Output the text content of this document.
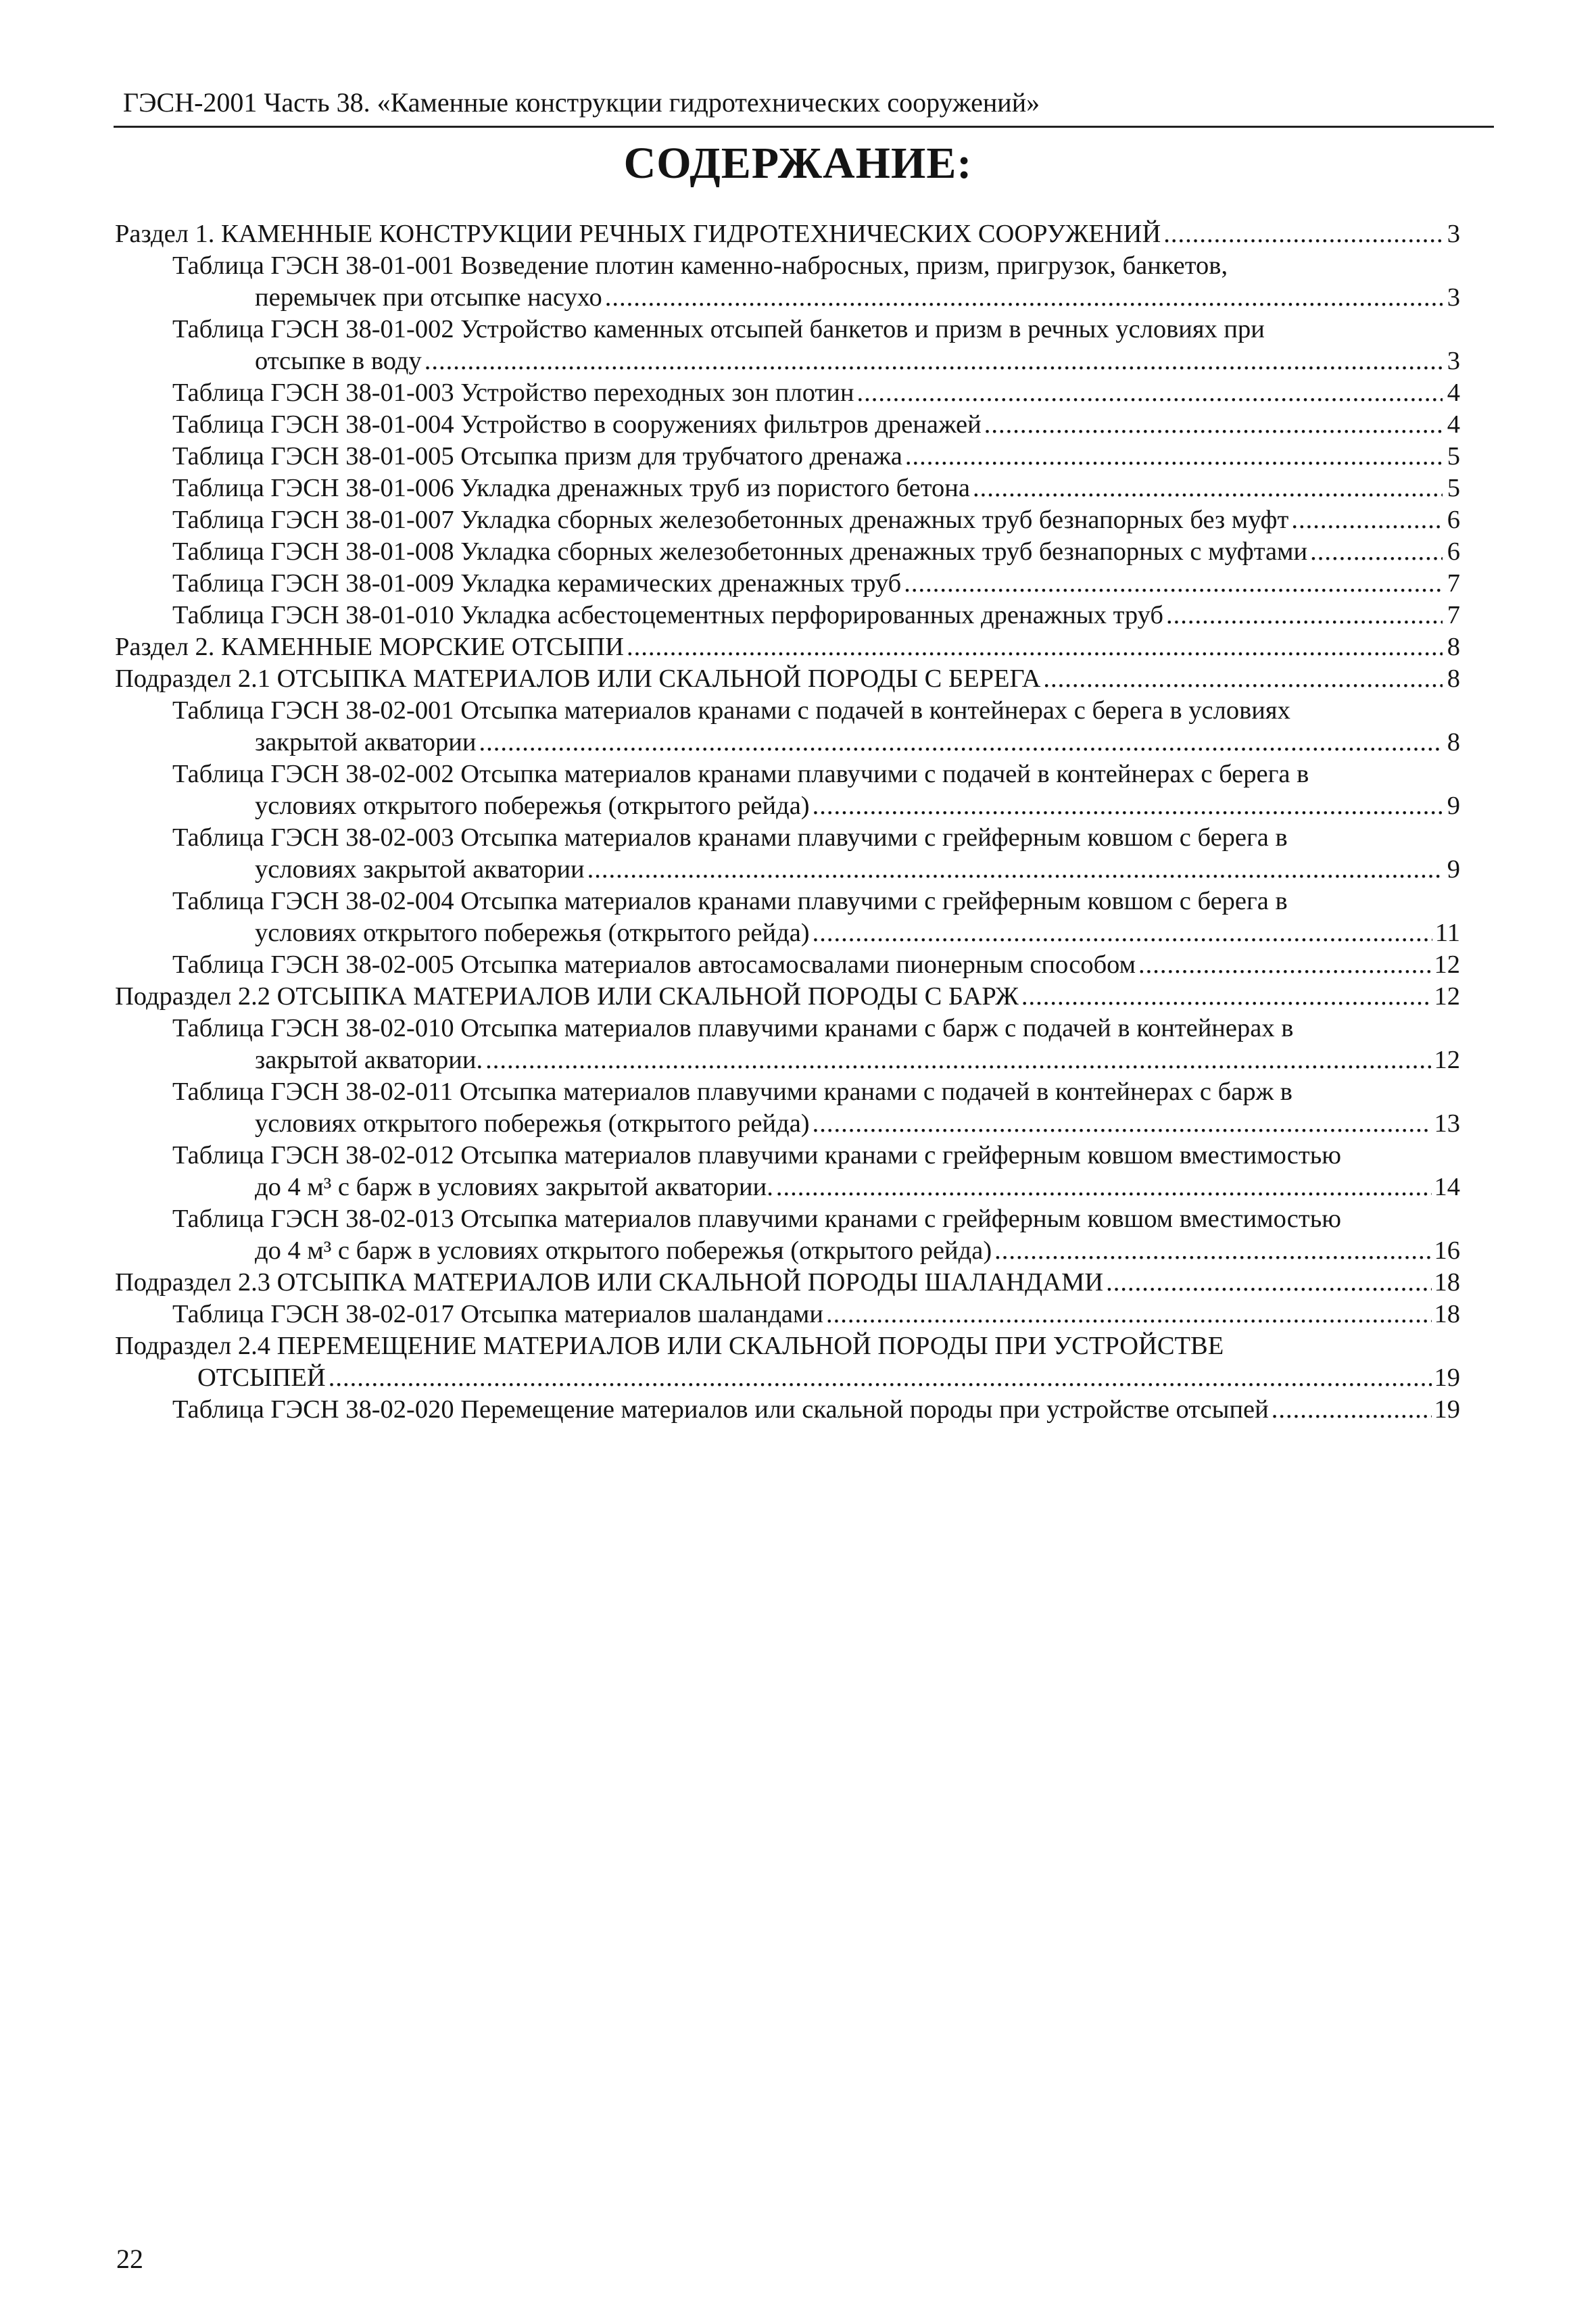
ГЭСН-2001 Часть 38. «Каменные конструкции гидротехнических сооружений»
СОДЕРЖАНИЕ:
Раздел 1. КАМЕННЫЕ КОНСТРУКЦИИ РЕЧНЫХ ГИДРОТЕХНИЧЕСКИХ СООРУЖЕНИЙ .....	3
Таблица ГЭСН 38-01-001 Возведение плотин каменно-набросных, призм, пригрузок, банкетов,
перемычек при отсыпке насухо .....	3
Таблица ГЭСН 38-01-002 Устройство каменных отсыпей банкетов и призм в речных условиях при
отсыпке в воду .....	3
Таблица ГЭСН 38-01-003 Устройство переходных зон плотин .....	4
Таблица ГЭСН 38-01-004 Устройство в сооружениях фильтров дренажей .....	4
Таблица ГЭСН 38-01-005 Отсыпка призм для трубчатого дренажа .....	5
Таблица ГЭСН 38-01-006 Укладка дренажных труб из пористого бетона .....	5
Таблица ГЭСН 38-01-007 Укладка сборных железобетонных дренажных труб безнапорных без муфт .....	6
Таблица ГЭСН 38-01-008 Укладка сборных железобетонных дренажных труб безнапорных с муфтами .....	6
Таблица ГЭСН 38-01-009 Укладка керамических дренажных труб .....	7
Таблица ГЭСН 38-01-010 Укладка асбестоцементных перфорированных дренажных труб .....	7
Раздел 2. КАМЕННЫЕ МОРСКИЕ ОТСЫПИ .....	8
Подраздел 2.1 ОТСЫПКА МАТЕРИАЛОВ ИЛИ СКАЛЬНОЙ ПОРОДЫ С БЕРЕГА .....	8
Таблица ГЭСН 38-02-001 Отсыпка материалов кранами с подачей в контейнерах с берега в условиях
закрытой акватории .....	8
Таблица ГЭСН 38-02-002 Отсыпка материалов кранами плавучими с подачей в контейнерах с берега в
условиях открытого побережья (открытого рейда) .....	9
Таблица ГЭСН 38-02-003 Отсыпка материалов кранами плавучими с грейферным ковшом с берега в
условиях закрытой акватории .....	9
Таблица ГЭСН 38-02-004 Отсыпка материалов кранами плавучими с грейферным ковшом с берега в
условиях открытого побережья (открытого рейда) .....	11
Таблица ГЭСН 38-02-005 Отсыпка материалов автосамосвалами пионерным способом .....	12
Подраздел 2.2 ОТСЫПКА МАТЕРИАЛОВ ИЛИ СКАЛЬНОЙ ПОРОДЫ С БАРЖ .....	12
Таблица ГЭСН 38-02-010 Отсыпка материалов плавучими кранами с барж с подачей в контейнерах в
закрытой акватории. .....	12
Таблица ГЭСН 38-02-011 Отсыпка материалов плавучими кранами с подачей в контейнерах с барж в
условиях открытого побережья (открытого рейда) .....	13
Таблица ГЭСН 38-02-012 Отсыпка материалов плавучими кранами с грейферным ковшом вместимостью
до 4 м³ с барж в условиях закрытой акватории. .....	14
Таблица ГЭСН 38-02-013 Отсыпка материалов плавучими кранами с грейферным ковшом вместимостью
до 4 м³ с барж в условиях открытого побережья (открытого рейда) .....	16
Подраздел 2.3 ОТСЫПКА МАТЕРИАЛОВ ИЛИ СКАЛЬНОЙ ПОРОДЫ ШАЛАНДАМИ .....	18
Таблица ГЭСН 38-02-017 Отсыпка материалов шаландами .....	18
Подраздел 2.4 ПЕРЕМЕЩЕНИЕ МАТЕРИАЛОВ ИЛИ СКАЛЬНОЙ ПОРОДЫ ПРИ УСТРОЙСТВЕ
ОТСЫПЕЙ .....	19
Таблица ГЭСН 38-02-020 Перемещение материалов или скальной породы при устройстве отсыпей .....	19
22
